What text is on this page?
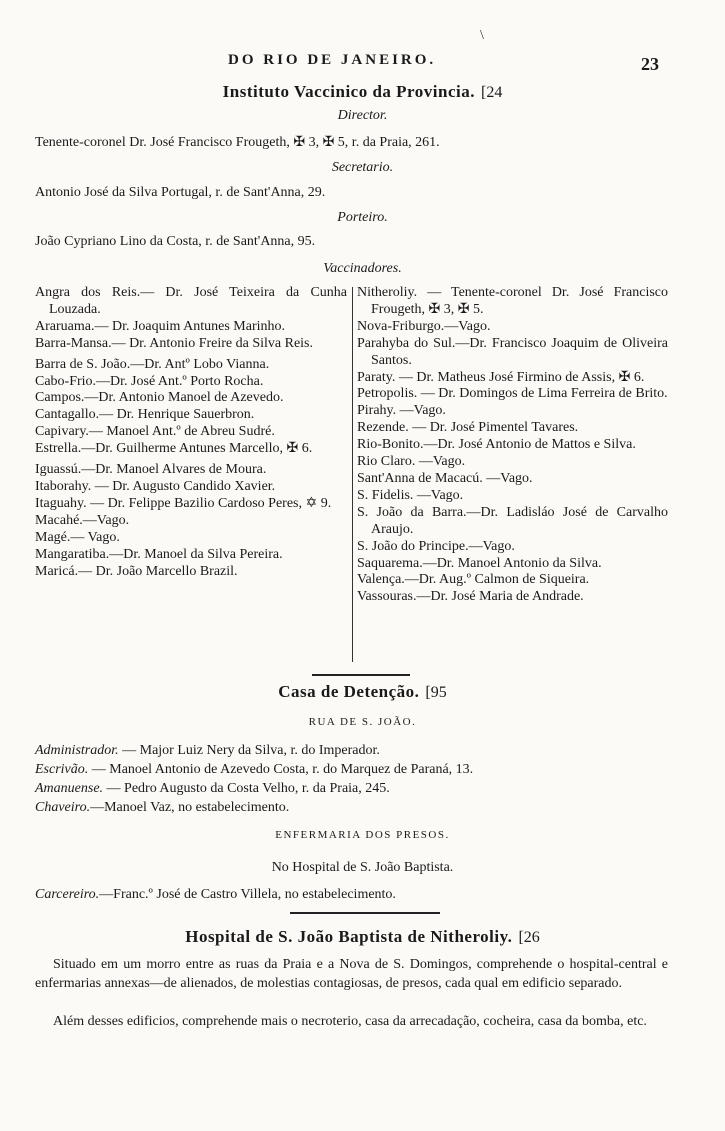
\
DO RIO DE JANEIRO.	23
Instituto Vaccinico da Provincia. [24
Director.
Tenente-coronel Dr. José Francisco Frougeth, ✠ 3, ✠ 5, r. da Praia, 261.
Secretario.
Antonio José da Silva Portugal, r. de Sant'Anna, 29.
Porteiro.
João Cypriano Lino da Costa, r. de Sant'Anna, 95.
Vaccinadores.
Angra dos Reis.— Dr. José Teixeira da Cunha Louzada.
Araruama.— Dr. Joaquim Antunes Marinho.
Barra-Mansa.— Dr. Antonio Freire da Silva Reis.
Barra de S. João.—Dr. Antº Lobo Vianna.
Cabo-Frio.—Dr. José Ant.º Porto Rocha.
Campos.—Dr. Antonio Manoel de Azevedo.
Cantagallo.— Dr. Henrique Sauerbron.
Capivary.— Manoel Ant.º de Abreu Sudré.
Estrella.—Dr. Guilherme Antunes Marcello, ✠ 6.
Iguassú.—Dr. Manoel Alvares de Moura.
Itaborahy. — Dr. Augusto Candido Xavier.
Itaguahy. — Dr. Felippe Bazilio Cardoso Peres, ✡ 9.
Macahé.—Vago.
Magé.— Vago.
Mangaratiba.—Dr. Manoel da Silva Pereira.
Maricá.— Dr. João Marcello Brazil.
Nitheroliy. — Tenente-coronel Dr. José Francisco Frougeth, ✠ 3, ✠ 5.
Nova-Friburgo.—Vago.
Parahyba do Sul.—Dr. Francisco Joaquim de Oliveira Santos.
Paraty. — Dr. Matheus José Firmino de Assis, ✠ 6.
Petropolis. — Dr. Domingos de Lima Ferreira de Brito.
Pirahy. —Vago.
Rezende. — Dr. José Pimentel Tavares.
Rio-Bonito.—Dr. José Antonio de Mattos e Silva.
Rio Claro. —Vago.
Sant'Anna de Macacú. —Vago.
S. Fidelis. —Vago.
S. João da Barra.—Dr. Ladisláo José de Carvalho Araujo.
S. João do Principe.—Vago.
Saquarema.—Dr. Manoel Antonio da Silva.
Valença.—Dr. Aug.º Calmon de Siqueira.
Vassouras.—Dr. José Maria de Andrade.
Casa de Detenção. [95
RUA DE S. JOÃO.
Administrador. — Major Luiz Nery da Silva, r. do Imperador.
Escrivão. — Manoel Antonio de Azevedo Costa, r. do Marquez de Paraná, 13.
Amanuense. — Pedro Augusto da Costa Velho, r. da Praia, 245.
Chaveiro.—Manoel Vaz, no estabelecimento.
ENFERMARIA DOS PRESOS.
No Hospital de S. João Baptista.
Carcereiro.—Franc.º José de Castro Villela, no estabelecimento.
Hospital de S. João Baptista de Nitheroliy. [26
Situado em um morro entre as ruas da Praia e a Nova de S. Domingos, comprehende o hospital-central e enfermarias annexas—de alienados, de molestias contagiosas, de presos, cada qual em edificio separado.
Além desses edificios, comprehende mais o necroterio, casa da arrecadação, cocheira, casa da bomba, etc.
